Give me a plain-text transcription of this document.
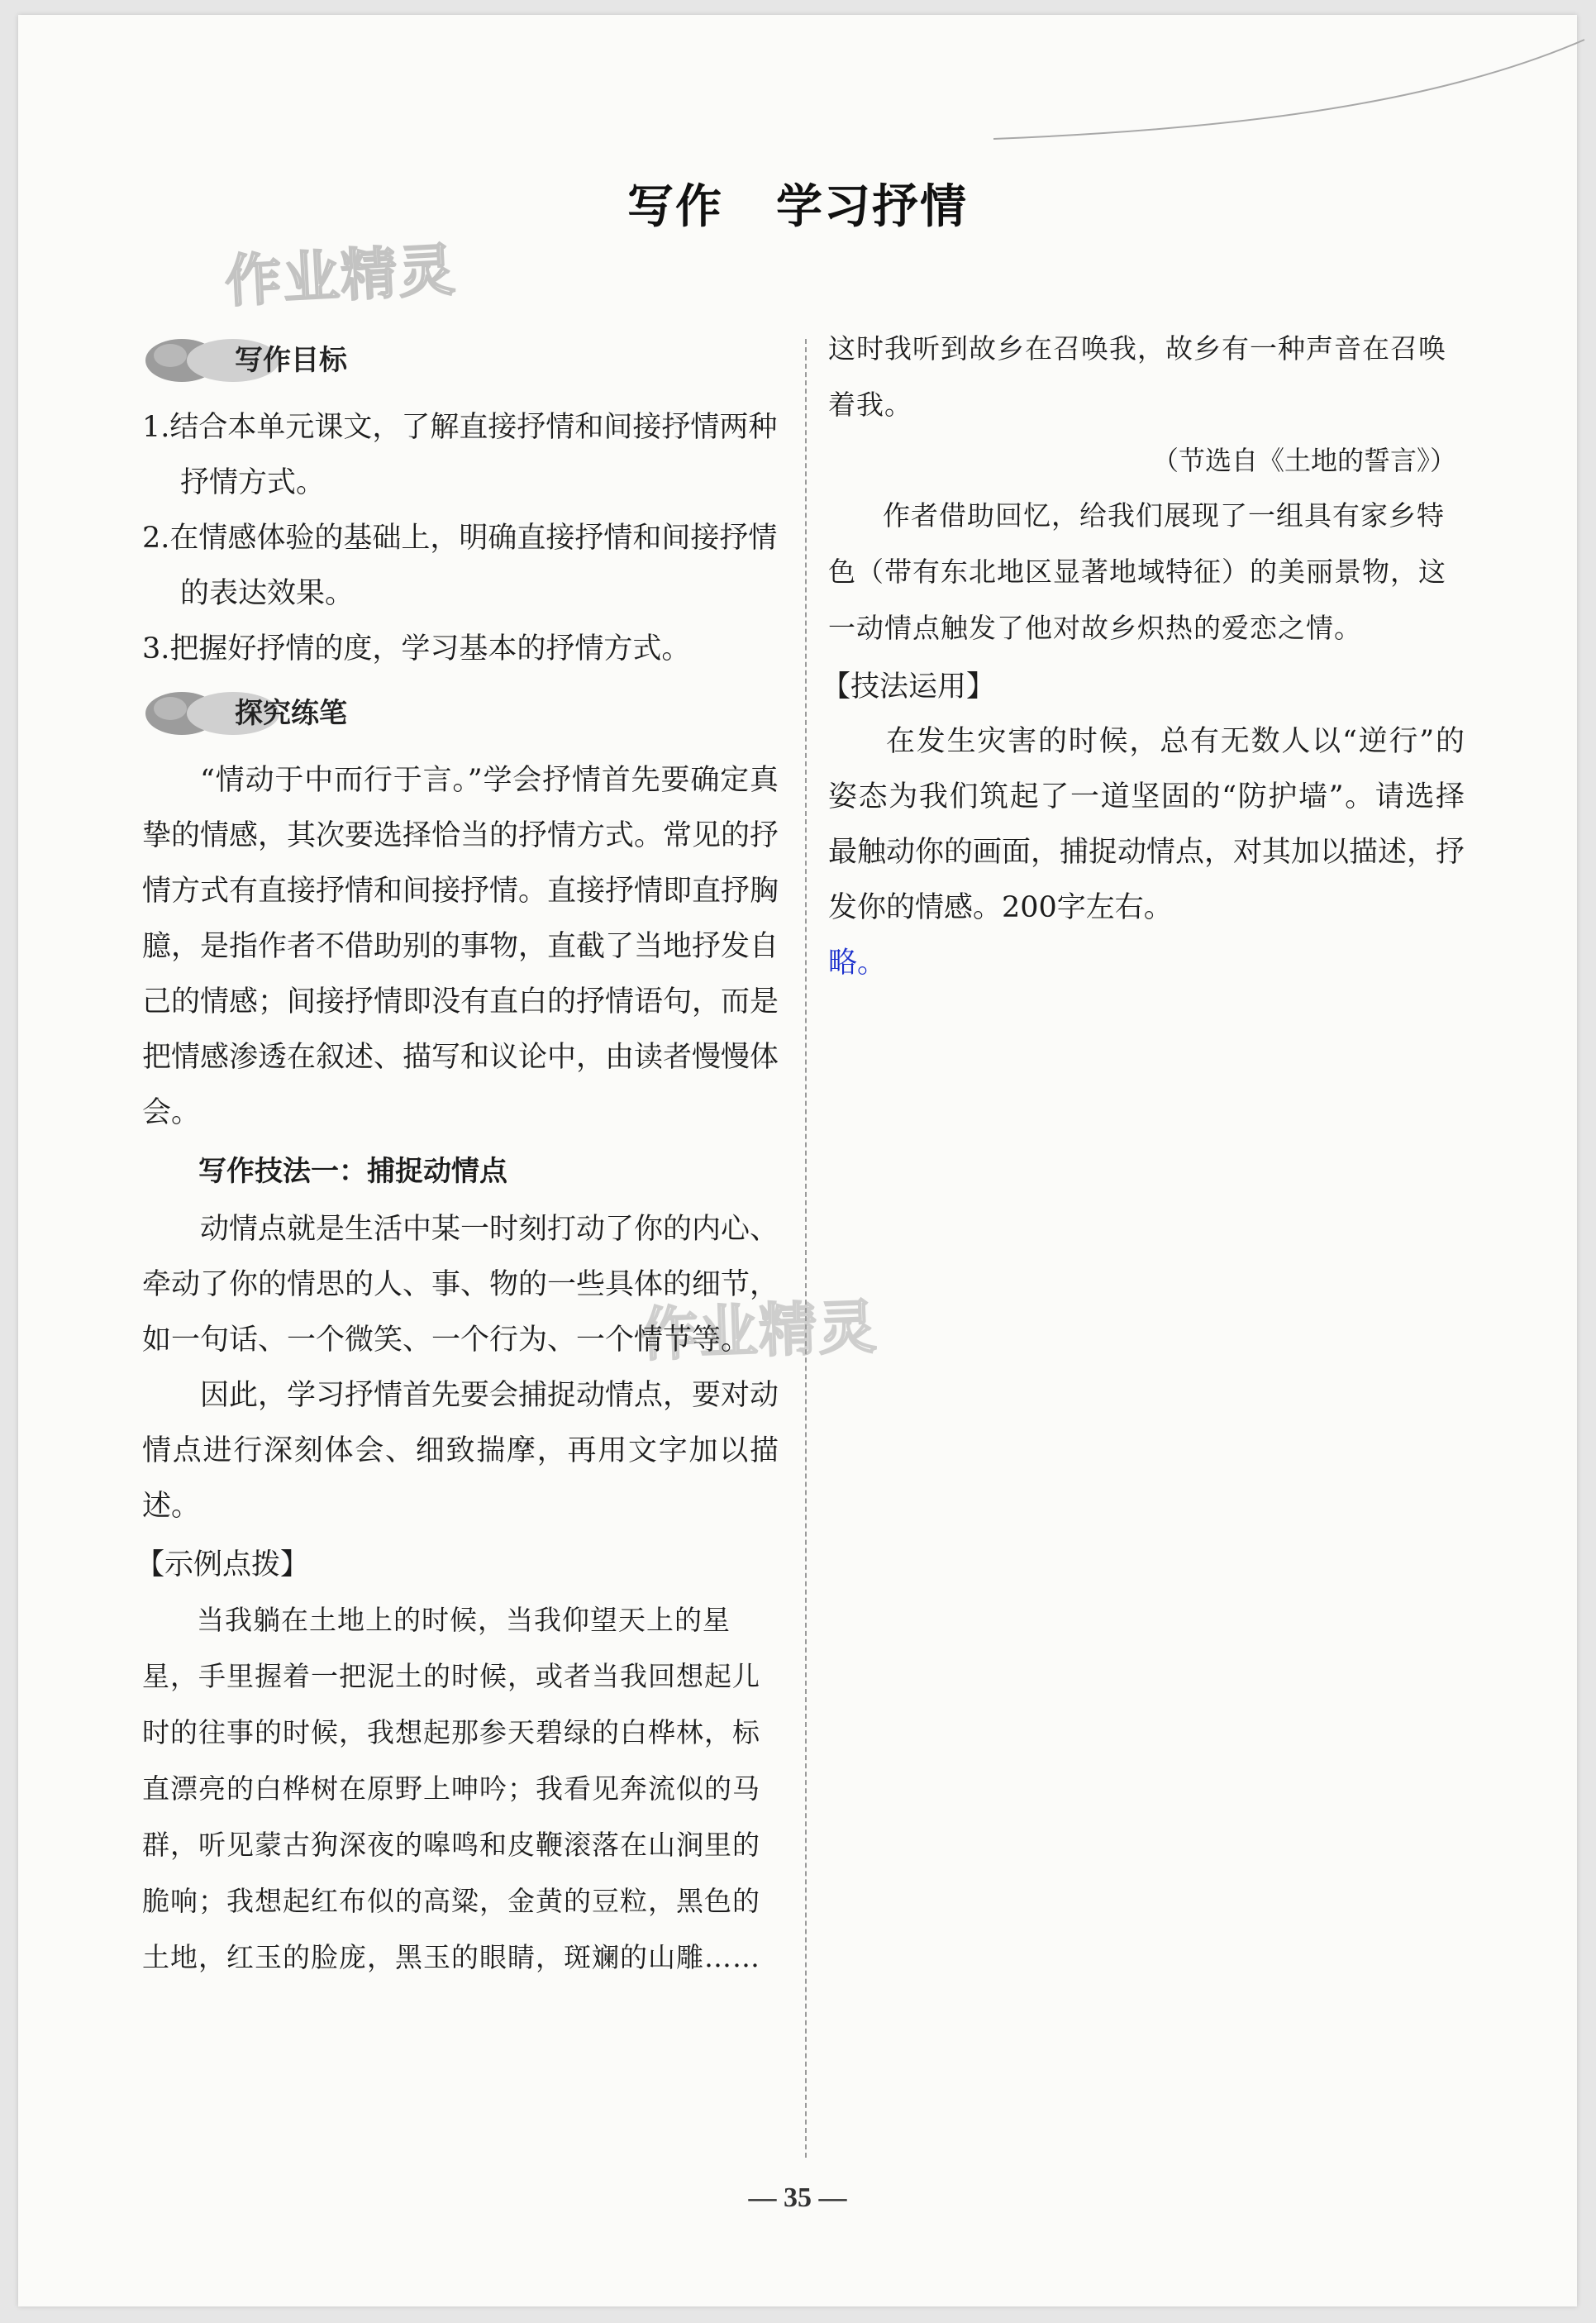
写作 学习抒情
作业精灵
作业精灵
写作目标

1.结合本单元课文，了解直接抒情和间接抒情两种抒情方式。

2.在情感体验的基础上，明确直接抒情和间接抒情的表达效果。

3.把握好抒情的度，学习基本的抒情方式。

探究练笔

“情动于中而行于言。”学会抒情首先要确定真挚的情感，其次要选择恰当的抒情方式。常见的抒情方式有直接抒情和间接抒情。直接抒情即直抒胸臆，是指作者不借助别的事物，直截了当地抒发自己的情感；间接抒情即没有直白的抒情语句，而是把情感渗透在叙述、描写和议论中，由读者慢慢体会。

写作技法一：捕捉动情点

动情点就是生活中某一时刻打动了你的内心、牵动了你的情思的人、事、物的一些具体的细节，如一句话、一个微笑、一个行为、一个情节等。

因此，学习抒情首先要会捕捉动情点，要对动情点进行深刻体会、细致揣摩，再用文字加以描述。

【示例点拨】

当我躺在土地上的时候，当我仰望天上的星星，手里握着一把泥土的时候，或者当我回想起儿时的往事的时候，我想起那参天碧绿的白桦林，标直漂亮的白桦树在原野上呻吟；我看见奔流似的马群，听见蒙古狗深夜的嗥鸣和皮鞭滚落在山涧里的脆响；我想起红布似的高粱，金黄的豆粒，黑色的土地，红玉的脸庞，黑玉的眼睛，斑斓的山雕……

这时我听到故乡在召唤我，故乡有一种声音在召唤着我。

（节选自《土地的誓言》）

作者借助回忆，给我们展现了一组具有家乡特色（带有东北地区显著地域特征）的美丽景物，这一动情点触发了他对故乡炽热的爱恋之情。

【技法运用】

在发生灾害的时候，总有无数人以“逆行”的姿态为我们筑起了一道坚固的“防护墙”。请选择最触动你的画面，捕捉动情点，对其加以描述，抒发你的情感。200字左右。

略。

— 35 —
